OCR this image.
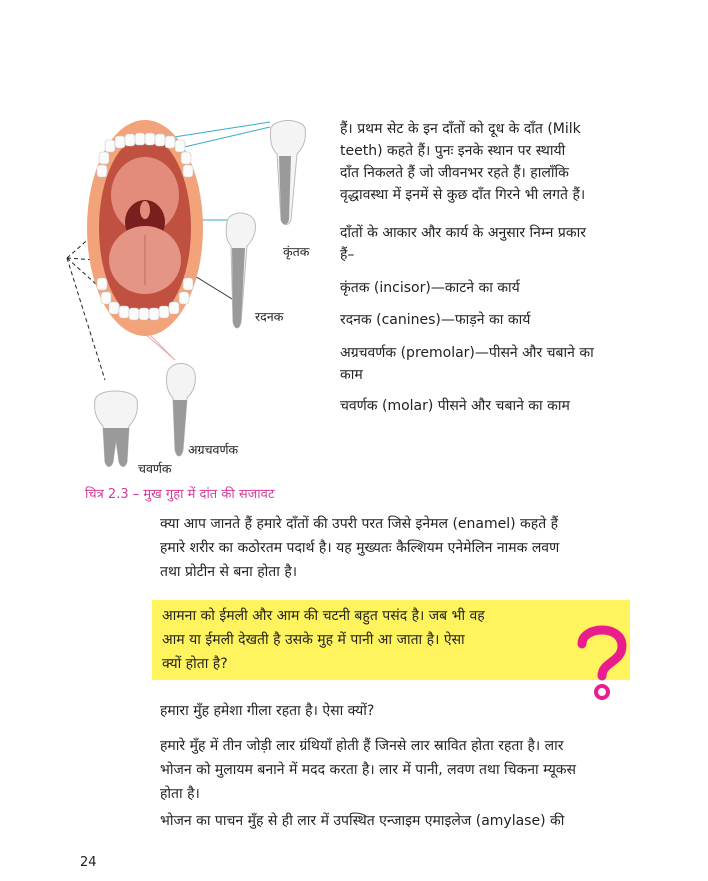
कृंतक
रदनक
अग्रचवर्णक
चवर्णक
चित्र 2.3 – मुख गुहा में दांत की सजावट

हैं। प्रथम सेट के इन दाँतों को दूध के दाँत (Milk

teeth) कहते हैं। पुनः इनके स्थान पर स्थायी

दाँत निकलते हैं जो जीवनभर रहते हैं। हालाँकि

वृद्धावस्था में इनमें से कुछ दाँत गिरने भी लगते हैं।

दाँतों के आकार और कार्य के अनुसार निम्न प्रकार

हैं–

कृंतक (incisor)—काटने का कार्य

रदनक (canines)—फाड़ने का कार्य

अग्रचवर्णक (premolar)—पीसने और चबाने का

काम

चवर्णक (molar) पीसने और चबाने का काम

क्या आप जानते हैं हमारे दाँतों की उपरी परत जिसे इनेमल (enamel) कहते हैं

हमारे शरीर का कठोरतम पदार्थ है। यह मुख्यतः कैल्शियम एनेमेलिन नामक लवण

तथा प्रोटीन से बना होता है।

आमना को ईमली और आम की चटनी बहुत पसंद है। जब भी वह

आम या ईमली देखती है उसके मुह में पानी आ जाता है। ऐसा

क्यों होता है?

हमारा मुँह हमेशा गीला रहता है। ऐसा क्यों?

हमारे मुँह में तीन जोड़ी लार ग्रंथियाँ होती हैं जिनसे लार स्रावित होता रहता है। लार

भोजन को मुलायम बनाने में मदद करता है। लार में पानी, लवण तथा चिकना म्यूकस

होता है।

भोजन का पाचन मुँह से ही लार में उपस्थित एन्जाइम एमाइलेज (amylase) की

24
